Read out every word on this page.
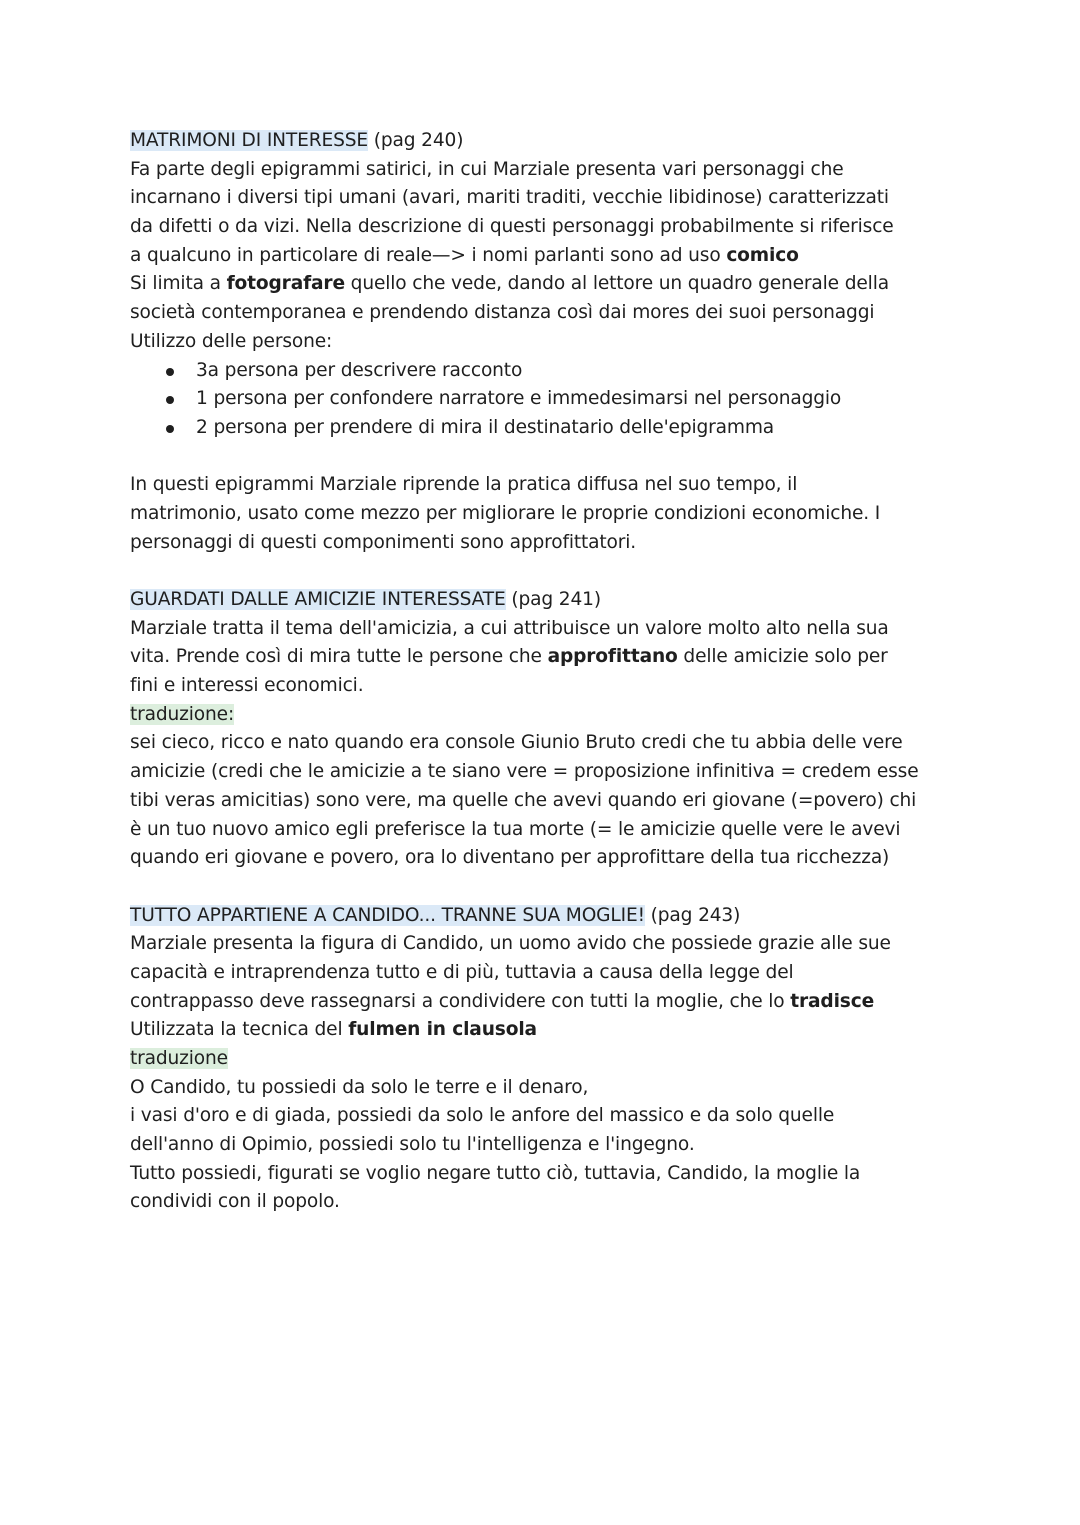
MATRIMONI DI INTERESSE (pag 240)
Fa parte degli epigrammi satirici, in cui Marziale presenta vari personaggi che
incarnano i diversi tipi umani (avari, mariti traditi, vecchie libidinose) caratterizzati
da difetti o da vizi. Nella descrizione di questi personaggi probabilmente si riferisce
a qualcuno in particolare di reale—> i nomi parlanti sono ad uso comico
Si limita a fotografare quello che vede, dando al lettore un quadro generale della
società contemporanea e prendendo distanza così dai mores dei suoi personaggi
Utilizzo delle persone:
3a persona per descrivere racconto
1 persona per confondere narratore e immedesimarsi nel personaggio
2 persona per prendere di mira il destinatario delle'epigramma
In questi epigrammi Marziale riprende la pratica diffusa nel suo tempo, il
matrimonio, usato come mezzo per migliorare le proprie condizioni economiche. I
personaggi di questi componimenti sono approfittatori.
GUARDATI DALLE AMICIZIE INTERESSATE (pag 241)
Marziale tratta il tema dell'amicizia, a cui attribuisce un valore molto alto nella sua
vita. Prende così di mira tutte le persone che approfittano delle amicizie solo per
fini e interessi economici.
traduzione:
sei cieco, ricco e nato quando era console Giunio Bruto credi che tu abbia delle vere
amicizie (credi che le amicizie a te siano vere = proposizione infinitiva = credem esse
tibi veras amicitias) sono vere, ma quelle che avevi quando eri giovane (=povero) chi
è un tuo nuovo amico egli preferisce la tua morte (= le amicizie quelle vere le avevi
quando eri giovane e povero, ora lo diventano per approfittare della tua ricchezza)
TUTTO APPARTIENE A CANDIDO... TRANNE SUA MOGLIE! (pag 243)
Marziale presenta la figura di Candido, un uomo avido che possiede grazie alle sue
capacità e intraprendenza tutto e di più, tuttavia a causa della legge del
contrappasso deve rassegnarsi a condividere con tutti la moglie, che lo tradisce
Utilizzata la tecnica del fulmen in clausola
traduzione
O Candido, tu possiedi da solo le terre e il denaro,
i vasi d'oro e di giada, possiedi da solo le anfore del massico e da solo quelle
dell'anno di Opimio, possiedi solo tu l'intelligenza e l'ingegno.
Tutto possiedi, figurati se voglio negare tutto ciò, tuttavia, Candido, la moglie la
condividi con il popolo.
